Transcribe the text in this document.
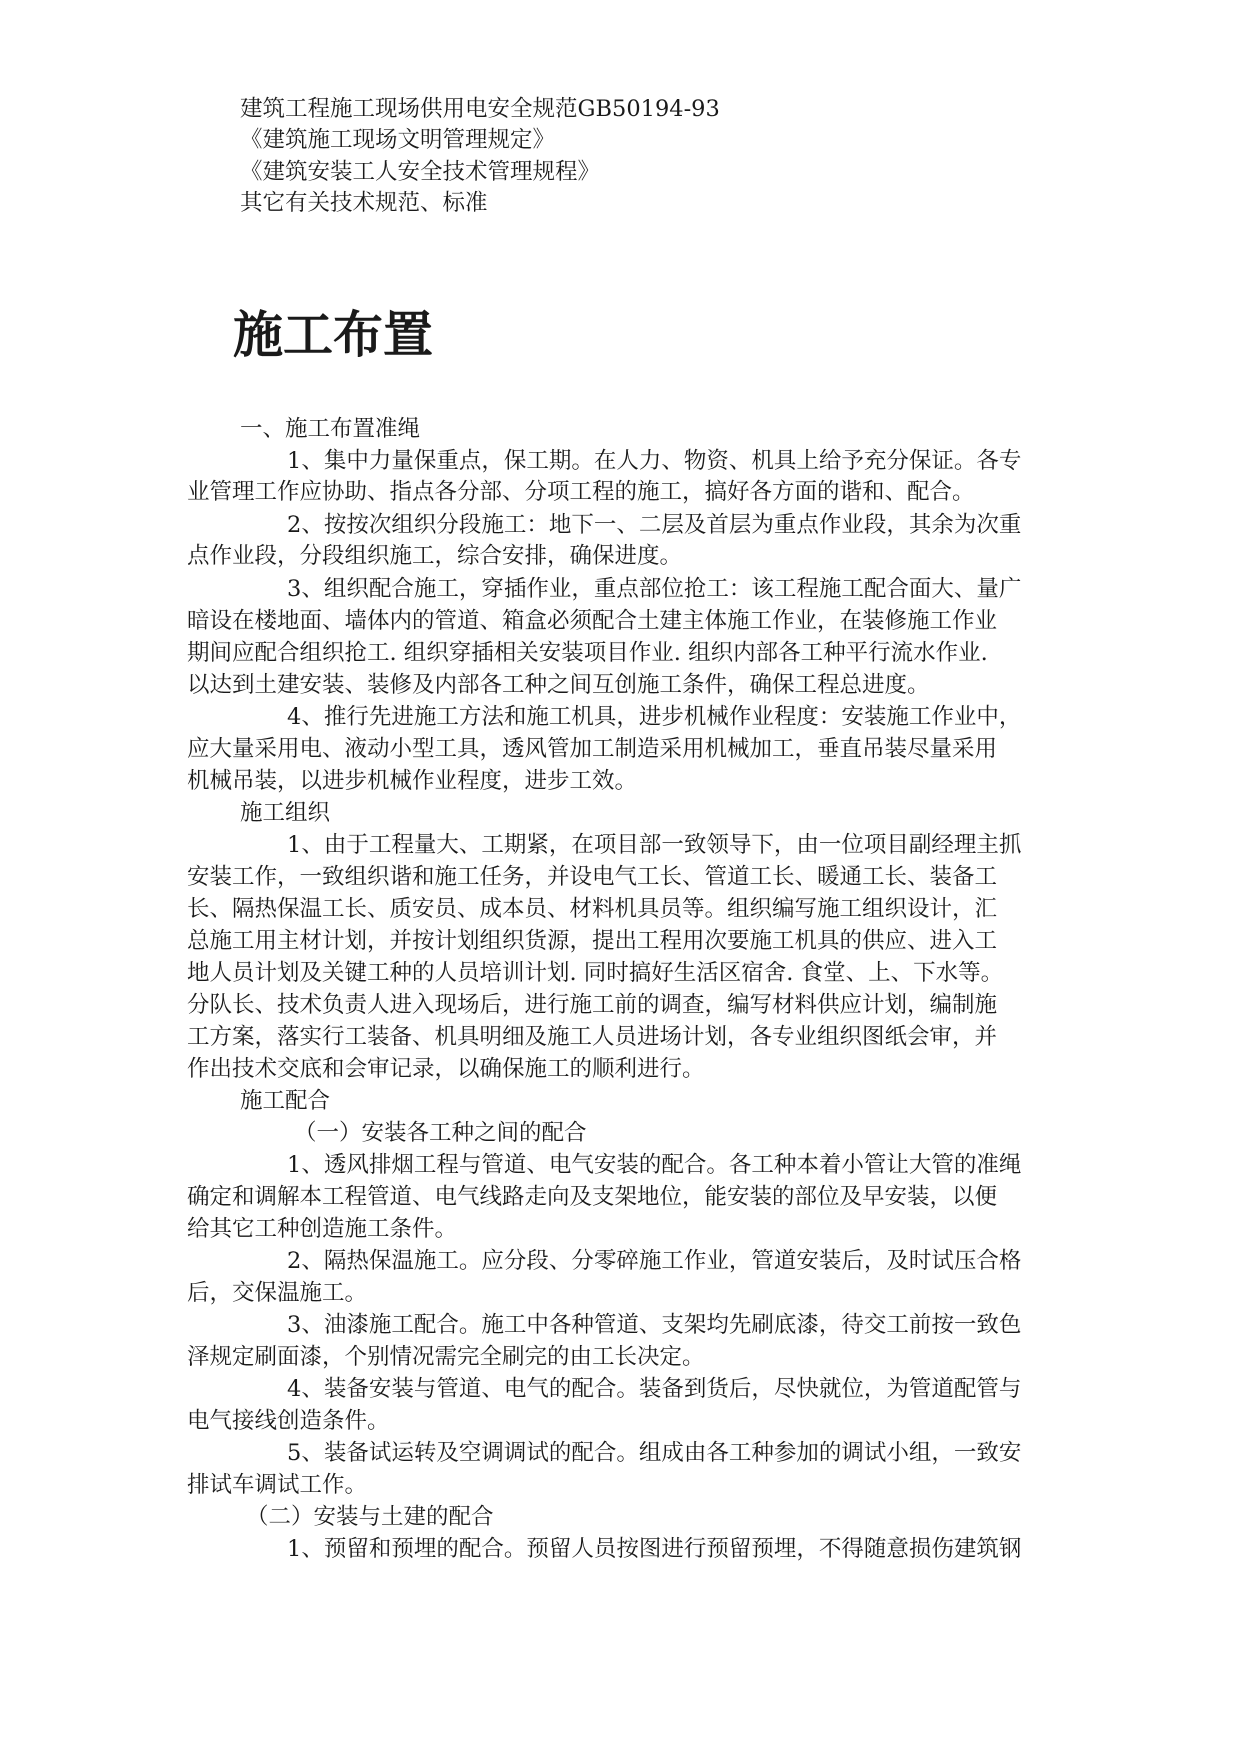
建筑工程施工现场供用电安全规范GB50194-93

《建筑施工现场文明管理规定》

《建筑安装工人安全技术管理规程》

其它有关技术规范、标准

施工布置

一、施工布置准绳

1、集中力量保重点，保工期。在人力、物资、机具上给予充分保证。各专

业管理工作应协助、指点各分部、分项工程的施工，搞好各方面的谐和、配合。

2、按按次组织分段施工：地下一、二层及首层为重点作业段，其余为次重

点作业段，分段组织施工，综合安排，确保进度。

3、组织配合施工，穿插作业，重点部位抢工：该工程施工配合面大、量广

暗设在楼地面、墙体内的管道、箱盒必须配合土建主体施工作业，在装修施工作业

期间应配合组织抢工. 组织穿插相关安装项目作业. 组织内部各工种平行流水作业.

以达到土建安装、装修及内部各工种之间互创施工条件，确保工程总进度。

4、推行先进施工方法和施工机具，进步机械作业程度：安装施工作业中，

应大量采用电、液动小型工具，透风管加工制造采用机械加工，垂直吊装尽量采用

机械吊装，以进步机械作业程度，进步工效。

施工组织

1、由于工程量大、工期紧，在项目部一致领导下，由一位项目副经理主抓

安装工作，一致组织谐和施工任务，并设电气工长、管道工长、暖通工长、装备工

长、隔热保温工长、质安员、成本员、材料机具员等。组织编写施工组织设计，汇

总施工用主材计划，并按计划组织货源，提出工程用次要施工机具的供应、进入工

地人员计划及关键工种的人员培训计划. 同时搞好生活区宿舍. 食堂、上、下水等。

分队长、技术负责人进入现场后，进行施工前的调查，编写材料供应计划，编制施

工方案，落实行工装备、机具明细及施工人员进场计划，各专业组织图纸会审，并

作出技术交底和会审记录，以确保施工的顺利进行。

施工配合

（一）安装各工种之间的配合

1、透风排烟工程与管道、电气安装的配合。各工种本着小管让大管的准绳

确定和调解本工程管道、电气线路走向及支架地位，能安装的部位及早安装，以便

给其它工种创造施工条件。

2、隔热保温施工。应分段、分零碎施工作业，管道安装后，及时试压合格

后，交保温施工。

3、油漆施工配合。施工中各种管道、支架均先刷底漆，待交工前按一致色

泽规定刷面漆，个别情况需完全刷完的由工长决定。

4、装备安装与管道、电气的配合。装备到货后，尽快就位，为管道配管与

电气接线创造条件。

5、装备试运转及空调调试的配合。组成由各工种参加的调试小组，一致安

排试车调试工作。

（二）安装与土建的配合

1、预留和预埋的配合。预留人员按图进行预留预埋，不得随意损伤建筑钢
